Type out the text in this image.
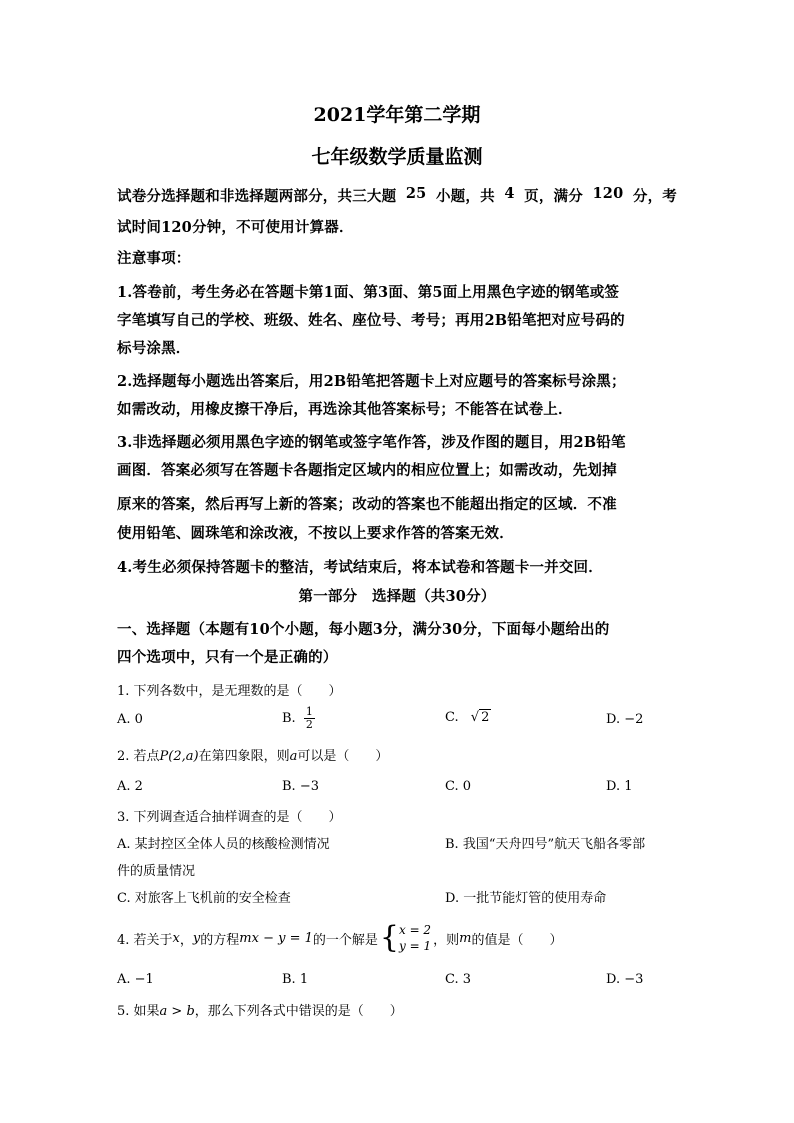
2021学年第二学期
七年级数学质量监测
试卷分选择题和非选择题两部分，共三大题 25 小题，共 4 页，满分 120 分，考
试时间120分钟，不可使用计算器．
注意事项：
1.答卷前，考生务必在答题卡第1面、第3面、第5面上用黑色字迹的钢笔或签
字笔填写自己的学校、班级、姓名、座位号、考号；再用2B铅笔把对应号码的
标号涂黑．
2.选择题每小题选出答案后，用2B铅笔把答题卡上对应题号的答案标号涂黑；
如需改动，用橡皮擦干净后，再选涂其他答案标号；不能答在试卷上．
3.非选择题必须用黑色字迹的钢笔或签字笔作答，涉及作图的题目，用2B铅笔
画图．答案必须写在答题卡各题指定区域内的相应位置上；如需改动，先划掉
原来的答案，然后再写上新的答案；改动的答案也不能超出指定的区域．不准
使用铅笔、圆珠笔和涂改液，不按以上要求作答的答案无效．
4.考生必须保持答题卡的整洁，考试结束后，将本试卷和答题卡一并交回．
第一部分　选择题（共30分）
一、选择题（本题有10个小题，每小题3分，满分30分，下面每小题给出的
四个选项中，只有一个是正确的）
1. 下列各数中，是无理数的是（　　）
A. 0	B. $\frac{1}{2}$	C. √ 2	D. −2
2. 若点P(2,a)在第四象限，则a可以是（　　）
A. 2	B. −3	C. 0	D. 1
3. 下列调查适合抽样调查的是（　　）
A. 某封控区全体人员的核酸检测情况	B. 我国“天舟四号”航天飞船各零部
件的质量情况
C. 对旅客上飞机前的安全检查	D. 一批节能灯管的使用寿命
4. 若关于 x ， y 的方程 mx − y = 1 的一个解是 { x = 2
y = 1 ，则 m 的值是（　　）
A. −1	B. 1	C. 3	D. −3
5. 如果a > b，那么下列各式中错误的是（　　）
